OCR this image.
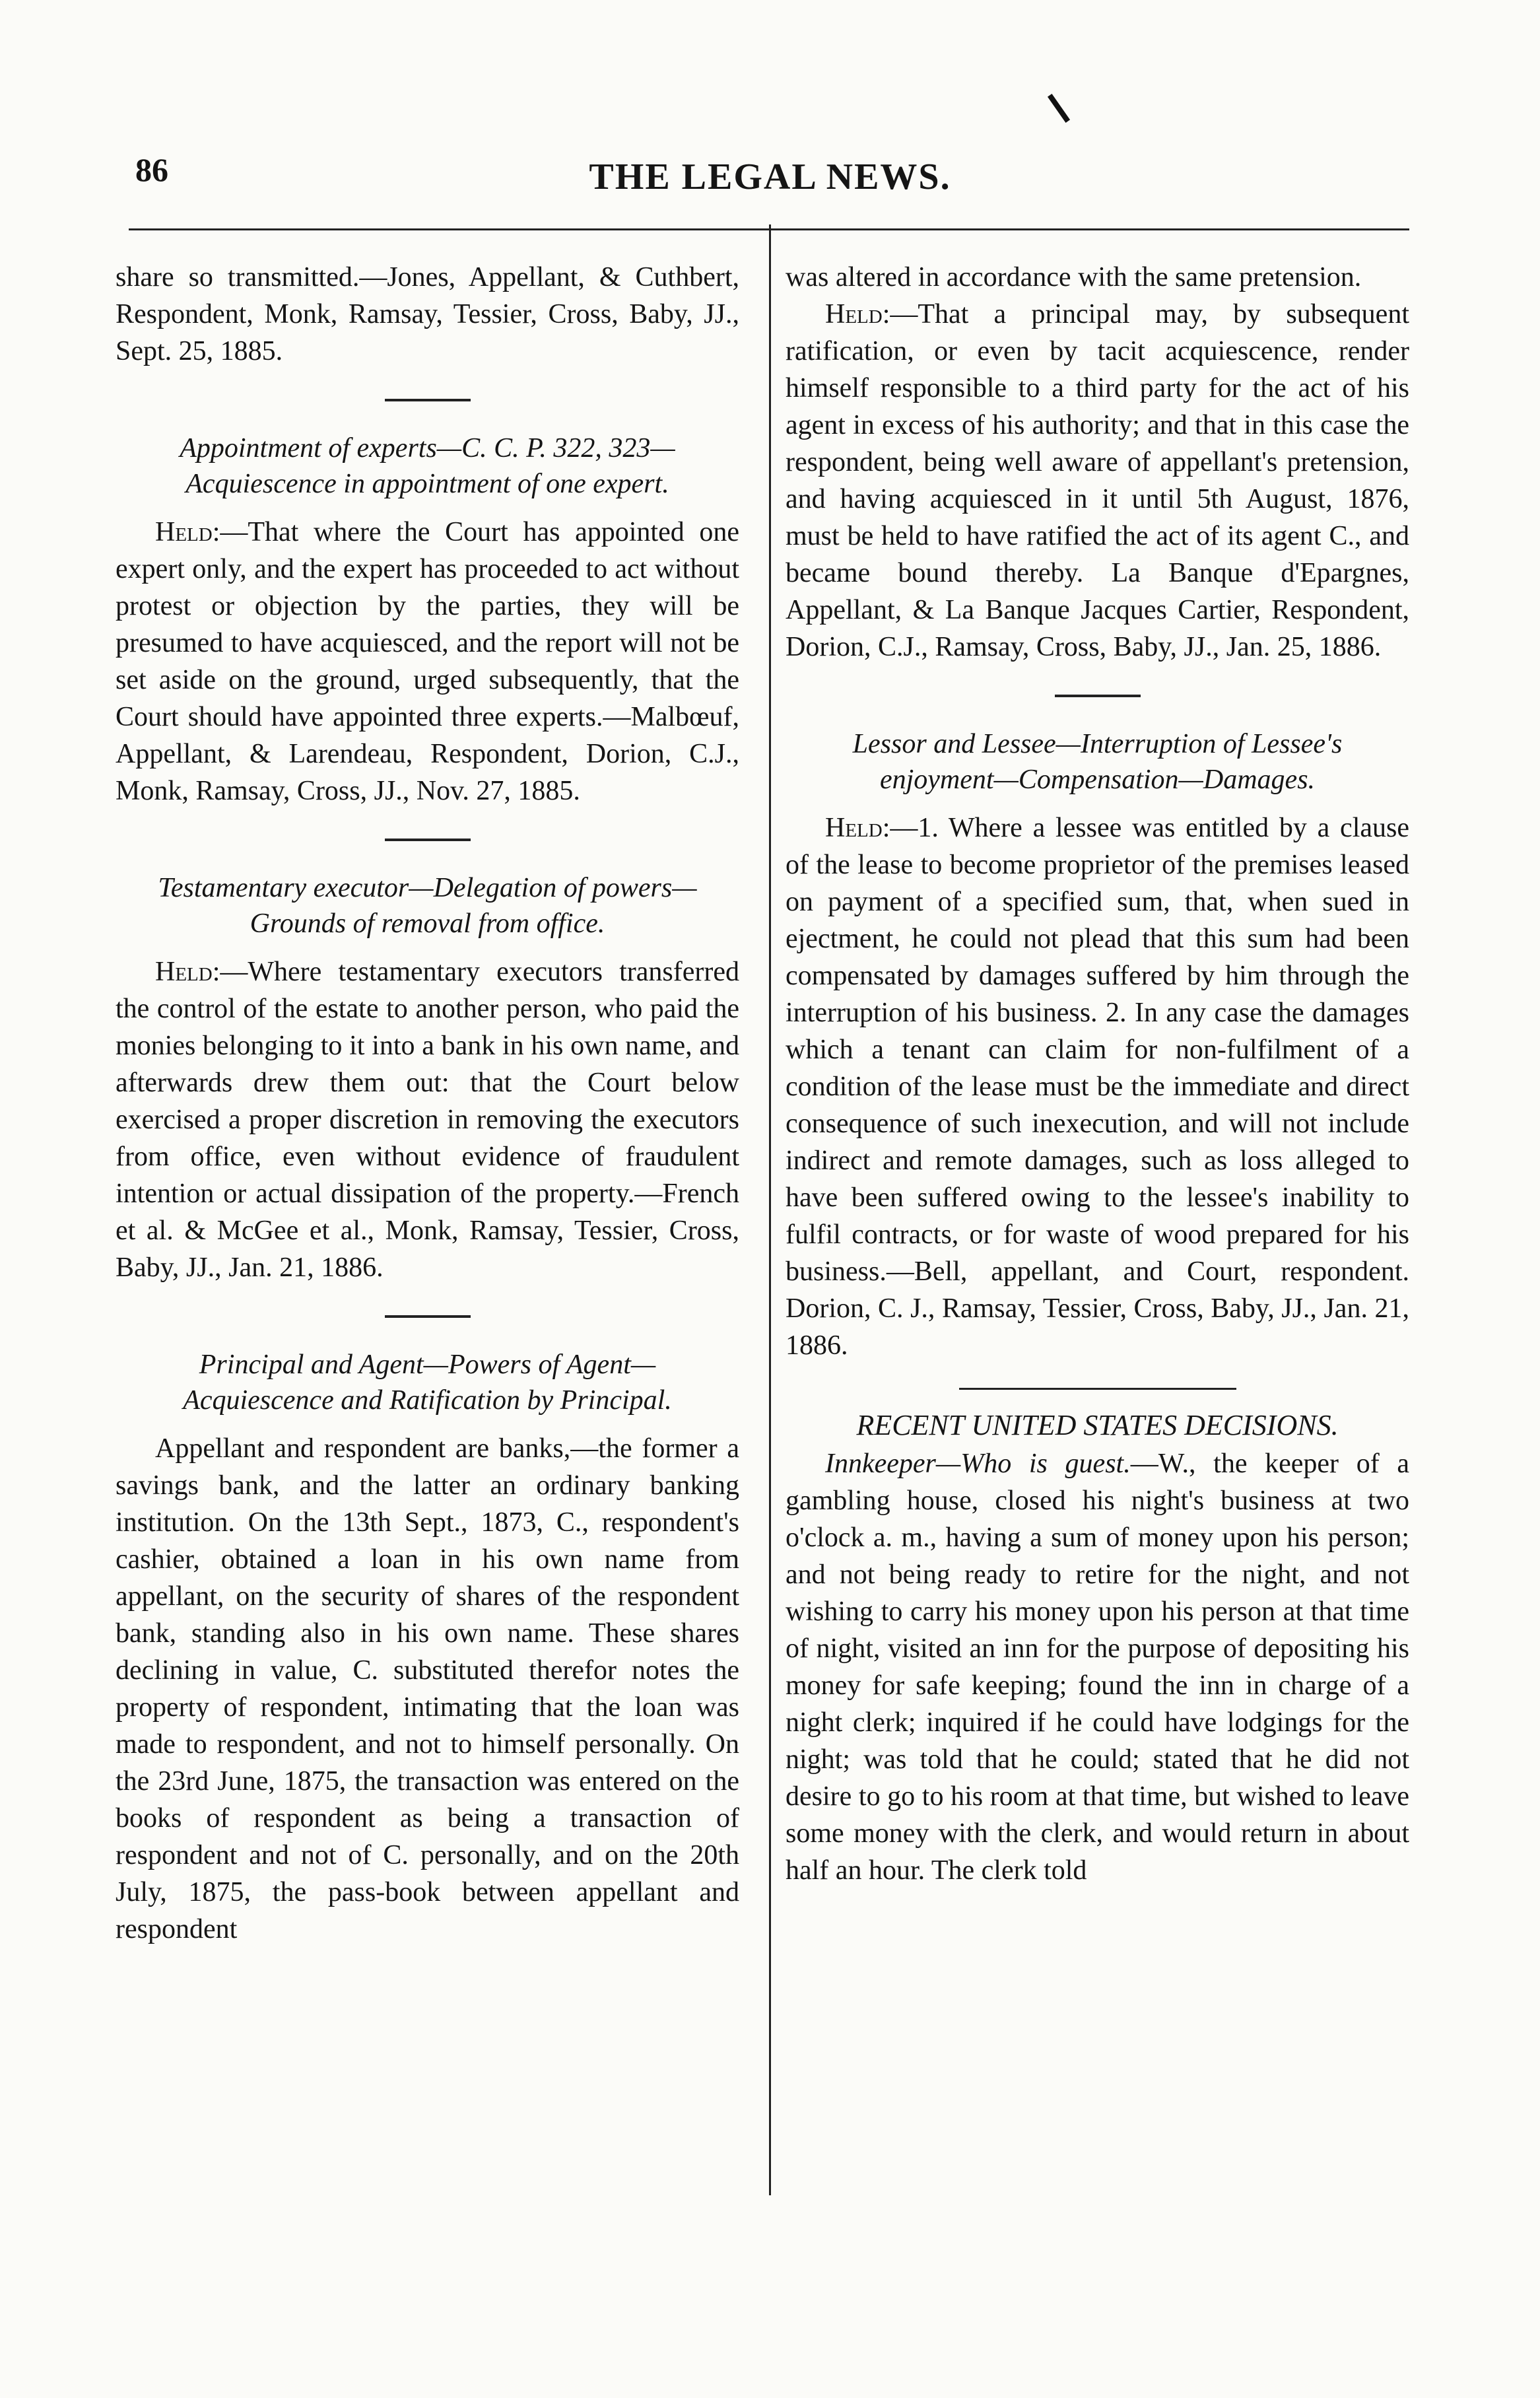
86	THE LEGAL NEWS.

share so transmitted.—Jones, Appellant, & Cuthbert, Respondent, Monk, Ramsay, Tessier, Cross, Baby, JJ., Sept. 25, 1885.

Appointment of experts—C. C. P. 322, 323—Acquiescence in appointment of one expert.

Held:—That where the Court has appointed one expert only, and the expert has proceeded to act without protest or objection by the parties, they will be presumed to have acquiesced, and the report will not be set aside on the ground, urged subsequently, that the Court should have appointed three experts.—Malbœuf, Appellant, & Larendeau, Respondent, Dorion, C.J., Monk, Ramsay, Cross, JJ., Nov. 27, 1885.

Testamentary executor—Delegation of powers—Grounds of removal from office.

Held:—Where testamentary executors transferred the control of the estate to another person, who paid the monies belonging to it into a bank in his own name, and afterwards drew them out: that the Court below exercised a proper discretion in removing the executors from office, even without evidence of fraudulent intention or actual dissipation of the property.—French et al. & McGee et al., Monk, Ramsay, Tessier, Cross, Baby, JJ., Jan. 21, 1886.

Principal and Agent—Powers of Agent—Acquiescence and Ratification by Principal.

Appellant and respondent are banks,—the former a savings bank, and the latter an ordinary banking institution. On the 13th Sept., 1873, C., respondent's cashier, obtained a loan in his own name from appellant, on the security of shares of the respondent bank, standing also in his own name. These shares declining in value, C. substituted therefor notes the property of respondent, intimating that the loan was made to respondent, and not to himself personally. On the 23rd June, 1875, the transaction was entered on the books of respondent as being a transaction of respondent and not of C. personally, and on the 20th July, 1875, the pass-book between appellant and respondent

was altered in accordance with the same pretension.

Held:—That a principal may, by subsequent ratification, or even by tacit acquiescence, render himself responsible to a third party for the act of his agent in excess of his authority; and that in this case the respondent, being well aware of appellant's pretension, and having acquiesced in it until 5th August, 1876, must be held to have ratified the act of its agent C., and became bound thereby. La Banque d'Epargnes, Appellant, & La Banque Jacques Cartier, Respondent, Dorion, C.J., Ramsay, Cross, Baby, JJ., Jan. 25, 1886.

Lessor and Lessee—Interruption of Lessee's enjoyment—Compensation—Damages.

Held:—1. Where a lessee was entitled by a clause of the lease to become proprietor of the premises leased on payment of a specified sum, that, when sued in ejectment, he could not plead that this sum had been compensated by damages suffered by him through the interruption of his business. 2. In any case the damages which a tenant can claim for non-fulfilment of a condition of the lease must be the immediate and direct consequence of such inexecution, and will not include indirect and remote damages, such as loss alleged to have been suffered owing to the lessee's inability to fulfil contracts, or for waste of wood prepared for his business.—Bell, appellant, and Court, respondent. Dorion, C. J., Ramsay, Tessier, Cross, Baby, JJ., Jan. 21, 1886.

RECENT UNITED STATES DECISIONS.

Innkeeper—Who is guest.—W., the keeper of a gambling house, closed his night's business at two o'clock a. m., having a sum of money upon his person; and not being ready to retire for the night, and not wishing to carry his money upon his person at that time of night, visited an inn for the purpose of depositing his money for safe keeping; found the inn in charge of a night clerk; inquired if he could have lodgings for the night; was told that he could; stated that he did not desire to go to his room at that time, but wished to leave some money with the clerk, and would return in about half an hour. The clerk told
